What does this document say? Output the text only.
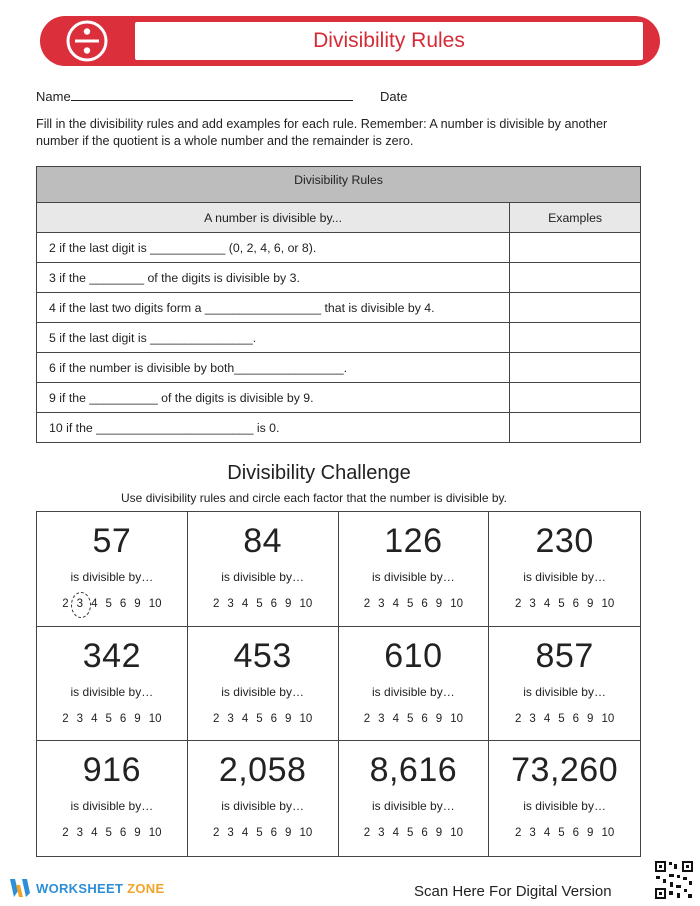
Divisibility Rules
Name	Date

Fill in the divisibility rules and add examples for each rule. Remember: A number is divisible by another number if the quotient is a whole number and the remainder is zero.

Divisibility Rules	
A number is divisible by...	Examples
2 if the last digit is ___________ (0, 2, 4, 6, or 8).	
3 if the ________ of the digits is divisible by 3.	
4 if the last two digits form a _________________ that is divisible by 4.	
5 if the last digit is _______________.	
6 if the number is divisible by both________________.	
9 if the __________ of the digits is divisible by 9.	
10 if the _______________________ is 0.	
Divisibility Challenge
Use divisibility rules and circle each factor that the number is divisible by.
57
is divisible by…
2 3 4 5 6 9 10
84
is divisible by…
2 3 4 5 6 9 10
126
is divisible by…
2 3 4 5 6 9 10
230
is divisible by…
2 3 4 5 6 9 10
342
is divisible by…
2 3 4 5 6 9 10
453
is divisible by…
2 3 4 5 6 9 10
610
is divisible by…
2 3 4 5 6 9 10
857
is divisible by…
2 3 4 5 6 9 10
916
is divisible by…
2 3 4 5 6 9 10
2,058
is divisible by…
2 3 4 5 6 9 10
8,616
is divisible by…
2 3 4 5 6 9 10
73,260
is divisible by…
2 3 4 5 6 9 10
WORKSHEET ZONE	Scan Here For Digital Version
